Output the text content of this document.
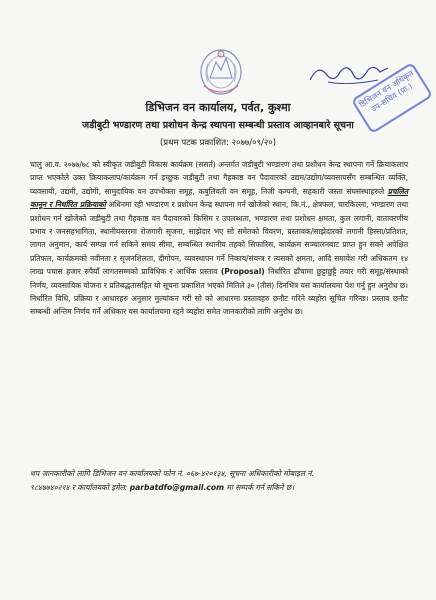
डिभिजन वन अधिकृत उप-सचिव (प्रा.)
डिभिजन वन कार्यालय, पर्वत, कुश्मा
जडीबुटी भण्डारण तथा प्रशोधन केन्द्र स्थापना सम्बन्धी प्रस्ताव आव्हानबारे सूचना
(प्रथम पटक प्रकाशित: २०७७/०९/२०)
चालु आ.व. २०७७/७८ को स्वीकृत जडीबुटी विकास कार्यक्रम (ससर्त) अन्तर्गत जडीबुटी भण्डारण तथा प्रशोधन केन्द्र स्थापना गर्ने क्रियाकलाप प्राप्त भएकोले उक्त क्रियाकलाप/कार्यक्रम गर्न इच्छुक जडीबुटी तथा गैहकाष्ठ वन पैदावारको उद्यम/उद्योग/व्यवसायसँग सम्बन्धित व्यक्ति, व्यवसायी, उद्यमी, उद्योगी, सामुदायिक वन उपभोक्ता समूह, कबुलियती वन समूह, निजी कम्पनी, सहकारी जस्ता संघसंस्थाहरुले प्रचलित कानून र निर्धारित प्रक्रियाको अधिनमा रही भण्डारण र प्रशोधन केन्द्र स्थापना गर्न खोजेको स्थान, कि.नं., क्षेत्रफल, चारकिल्ला, भण्डारण तथा प्रशोधन गर्न खोजेको जडीबुटी तथा गैहकाष्ठ वन पैदावारको किसिम र उपलब्धता, भण्डारण तथा प्रशोधन क्षमता, कुल लगानी, वातावरणीय प्रभाव र जनसहभागिता, स्थानीयस्तरमा रोजगारी सृजना, साझेदार भए सो समेतको विवरण, प्रस्तावक/साझेदारको लगानी हिस्सा/प्रतिशत, लागत अनुमान, कार्य सम्पन्न गर्न सकिने समय सीमा, सम्बन्धित स्थानीय तहको सिफारिस, कार्यक्रम सञ्चालनबाट प्राप्त हुन सक्ने अपेक्षित प्रतिफल, कार्यक्रमको नवीनता र सृजनशिलता, दीगोपन, व्यवस्थापन गर्ने निकाय/संयन्त्र र त्यसको क्षमता, आदि समावेश गरी अधिकतम १४ लाख पचास हजार रुपैयाँ लागतसम्मको प्राविधिक र आर्थिक प्रस्ताव (Proposal) निर्धारित ढाँचामा छुट्टाछुट्टै तयार गरी समूह/संस्थाको निर्णय, व्यवसायिक योजना र प्रतिबद्धतासहित यो सूचना प्रकाशित भएको मितिले ३० (तीस) दिनभित्र यस कार्यालयमा पेश गर्नु हुन अनुरोध छ। निर्धारित विधि, प्रक्रिया र आधारहरु अनुसार मुल्यांकन गरी सो को आधारमा प्रस्तावहरु छनौट गरिने व्यहोरा सूचित गरिन्छ। प्रस्ताव छनौट सम्बन्धी अन्तिम निर्णय गर्ने अधिकार यस कार्यालयमा रहने व्यहोरा समेत जानकारीको लागि अनुरोध छ।
थप जानकारीको लागि डिभिजन वन कार्यालयको फोन नं. ०६७-४२०१३४, सूचना अधिकारीको मोबाइल नं.
९८४७७४०२१४ र कार्यालयको इमेल: parbatdfo@gmail.com मा सम्पर्क गर्न सकिने छ।
